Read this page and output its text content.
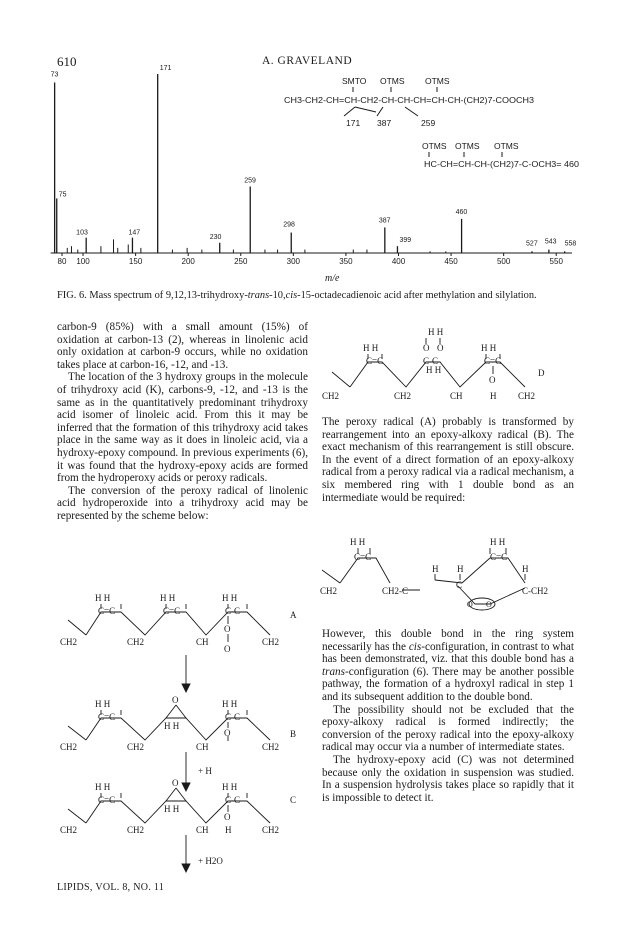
610	A. GRAVELAND
80 100	150	200	250	300	350	400	450	500	550
73
75
103	147
171
230
259
298
387
399
460
527 543 558
m/e
SMTO OTMS OTMS
CH3-CH2-CH=CH-CH2-CH-CH-CH=CH-CH-(CH2)7-COOCH3
171 387	259
OTMS OTMS OTMS
HC-CH=CH-CH-(CH2)7-C-OCH3= 460
FIG. 6. Mass spectrum of 9,12,13-trihydroxy-trans-10,cis-15-octadecadienoic acid after methylation and silylation.

carbon-9 (85%) with a small amount (15%) of oxidation at carbon-13 (2), whereas in linolenic acid only oxidation at carbon-9 occurs, while no oxidation takes place at carbon-16, -12, and -13.

The location of the 3 hydroxy groups in the molecule of trihydroxy acid (K), carbons-9, -12, and -13 is the same as in the quantitatively predominant trihydroxy acid isomer of linoleic acid. From this it may be inferred that the formation of this trihydroxy acid takes place in the same way as it does in linoleic acid, via a hydroxy-epoxy compound. In previous experiments (6), it was found that the hydroxy-epoxy acids are formed from the hydroperoxy acids or peroxy radicals.

The conversion of the peroxy radical of linolenic acid hydroperoxide into a trihydroxy acid may be represented by the scheme below:

H H	H H	H H
C=C	C=C	C-C
O
O
CH2	CH2	CH	CH2
A
H H	H H
O
C=C	C-C
H H
O
CH2	CH2	CH	CH2
B
+ H
H H	H H
O
C=C	C-C
H H
O
CH2	CH2	CH H	CH2
C
+ H2O
H H
O O
H H	H H
C=C	C-C	C=C
H H
O
CH2	CH2	CH	H CH2
D
The peroxy radical (A) probably is transformed by rearrangement into an epoxy-alkoxy radical (B). The exact mechanism of this rearrangement is still obscure. In the event of a direct formation of an epoxy-alkoxy radical from a peroxy radical via a radical mechanism, a six membered ring with 1 double bond as an intermediate would be required:
H H	H H
C=C	C=C
H H	H
CH2	CH2-C
C
C-CH2
O O

However, this double bond in the ring system necessarily has the cis-configuration, in contrast to what has been demonstrated, viz. that this double bond has a trans-configuration (6). There may be another possible pathway, the formation of a hydroxyl radical in step 1 and its subsequent addition to the double bond.

The possibility should not be excluded that the epoxy-alkoxy radical is formed indirectly; the conversion of the peroxy radical into the epoxy-alkoxy radical may occur via a number of intermediate states.

The hydroxy-epoxy acid (C) was not determined because only the oxidation in suspension was studied. In a suspension hydrolysis takes place so rapidly that it is impossible to detect it.

LIPIDS, VOL. 8, NO. 11
